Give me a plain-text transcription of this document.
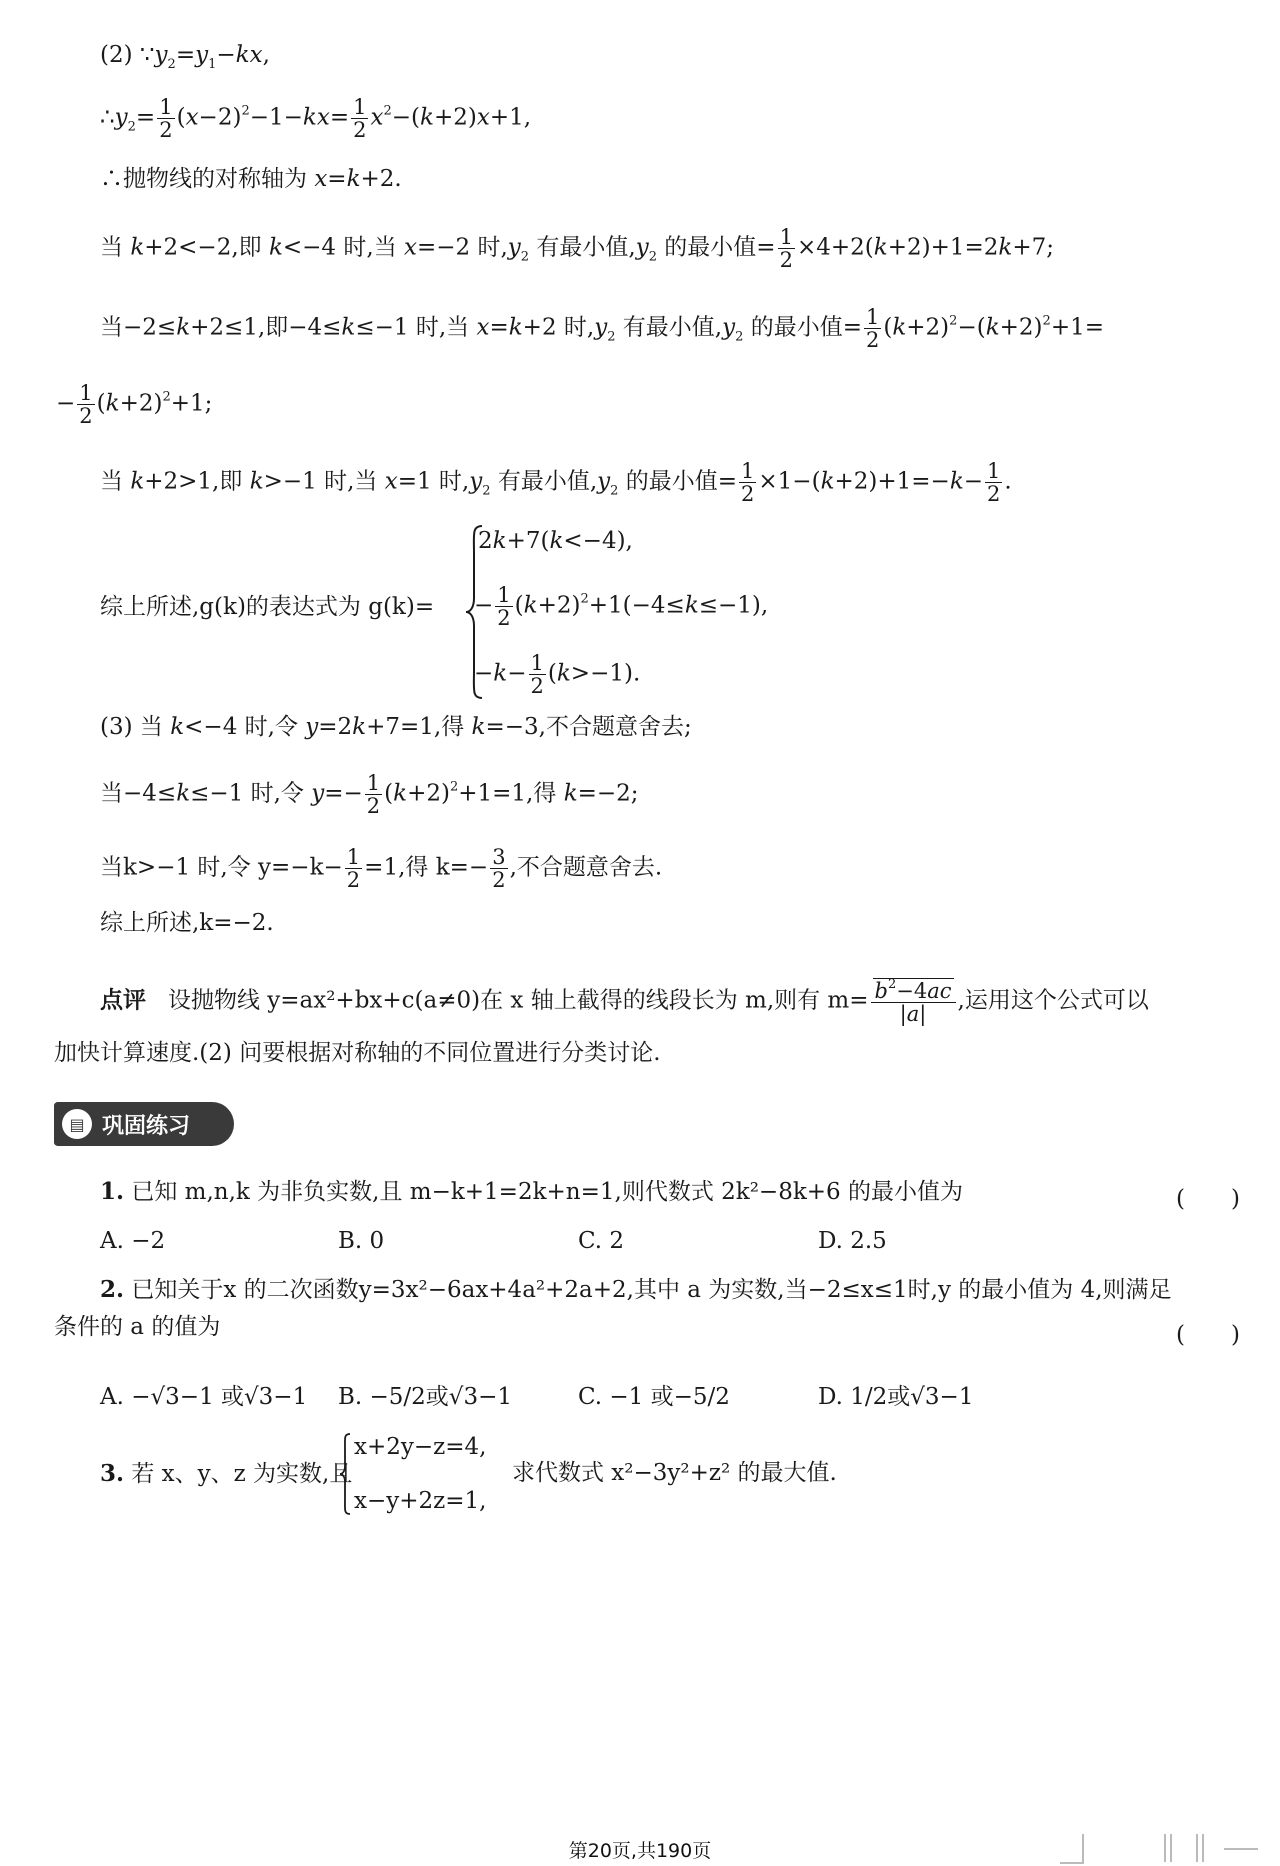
(2) $\because y_2=y_1-kx$,
$\therefore y_2= \frac{1}{2} (x-2)^2-1-kx= \frac{1}{2} x^2-(k+2)x+1$,
∴抛物线的对称轴为 x=k+2.
当 k+2<−2,即 k<−4 时,当 x=−2 时$,y_2$ 有最小值$,y_2$ 的最小值= $\frac{1}{2} \times 4+2(k+2)+1=2k+7$;
当−2≤k+2≤1,即−4≤k≤−1 时,当 x=k+2 时$,y_2$ 有最小值$,y_2$ 的最小值= $\frac{1}{2} (k+2)^2-(k+2)^2+1=$
− $\frac{1}{2} (k+2)^2+1$;
当 k+2>1,即 k>−1 时,当 x=1 时$,y_2$ 有最小值$,y_2$ 的最小值= $\frac{1}{2} \times 1-(k+2)+1=-k- \frac{1}{2}$ .
综上所述,g(k)的表达式为 g(k)=
2k+7(k<−4),
− $\frac{1}{2} (k+2)^2+1(-4\le k\le-1)$,
$-k- \frac{1}{2} (k>-1)$.
(3) 当 k<−4 时,令 y=2k+7=1,得 k=−3,不合题意舍去;
当−4≤k≤−1 时,令 $y=- \frac{1}{2} (k+2)^2+1=1$,得 k=−2;
当k>−1 时,令 $y=-k- \frac{1}{2} =1$,得 $k=- \frac{3}{2}$ ,不合题意舍去.
综上所述,k=−2.
点评 设抛物线 y=ax²+bx+c(a≠0)在 x 轴上截得的线段长为 m,则有 $m= \frac{b^2-4ac}{|a|}$ ,运用这个公式可以
加快计算速度.(2) 问要根据对称轴的不同位置进行分类讨论.
▤ 巩固练习
1. 已知 m,n,k 为非负实数,且 m−k+1=2k+n=1,则代数式 2k²−8k+6 的最小值为	(　　)
A. −2	B. 0	C. 2	D. 2.5
2. 已知关于x 的二次函数y=3x²−6ax+4a²+2a+2,其中 a 为实数,当−2≤x≤1时,y 的最小值为 4,则满足
条件的 a 的值为	(　　)
A. −√3−1 或√3−1 B. −5/2或√3−1	C. −1 或−5/2	D. 1/2或√3−1
3. 若 x、y、z 为实数,且
x+2y−z=4,
x−y+2z=1,
求代数式 x²−3y²+z² 的最大值.
第20页,共190页
